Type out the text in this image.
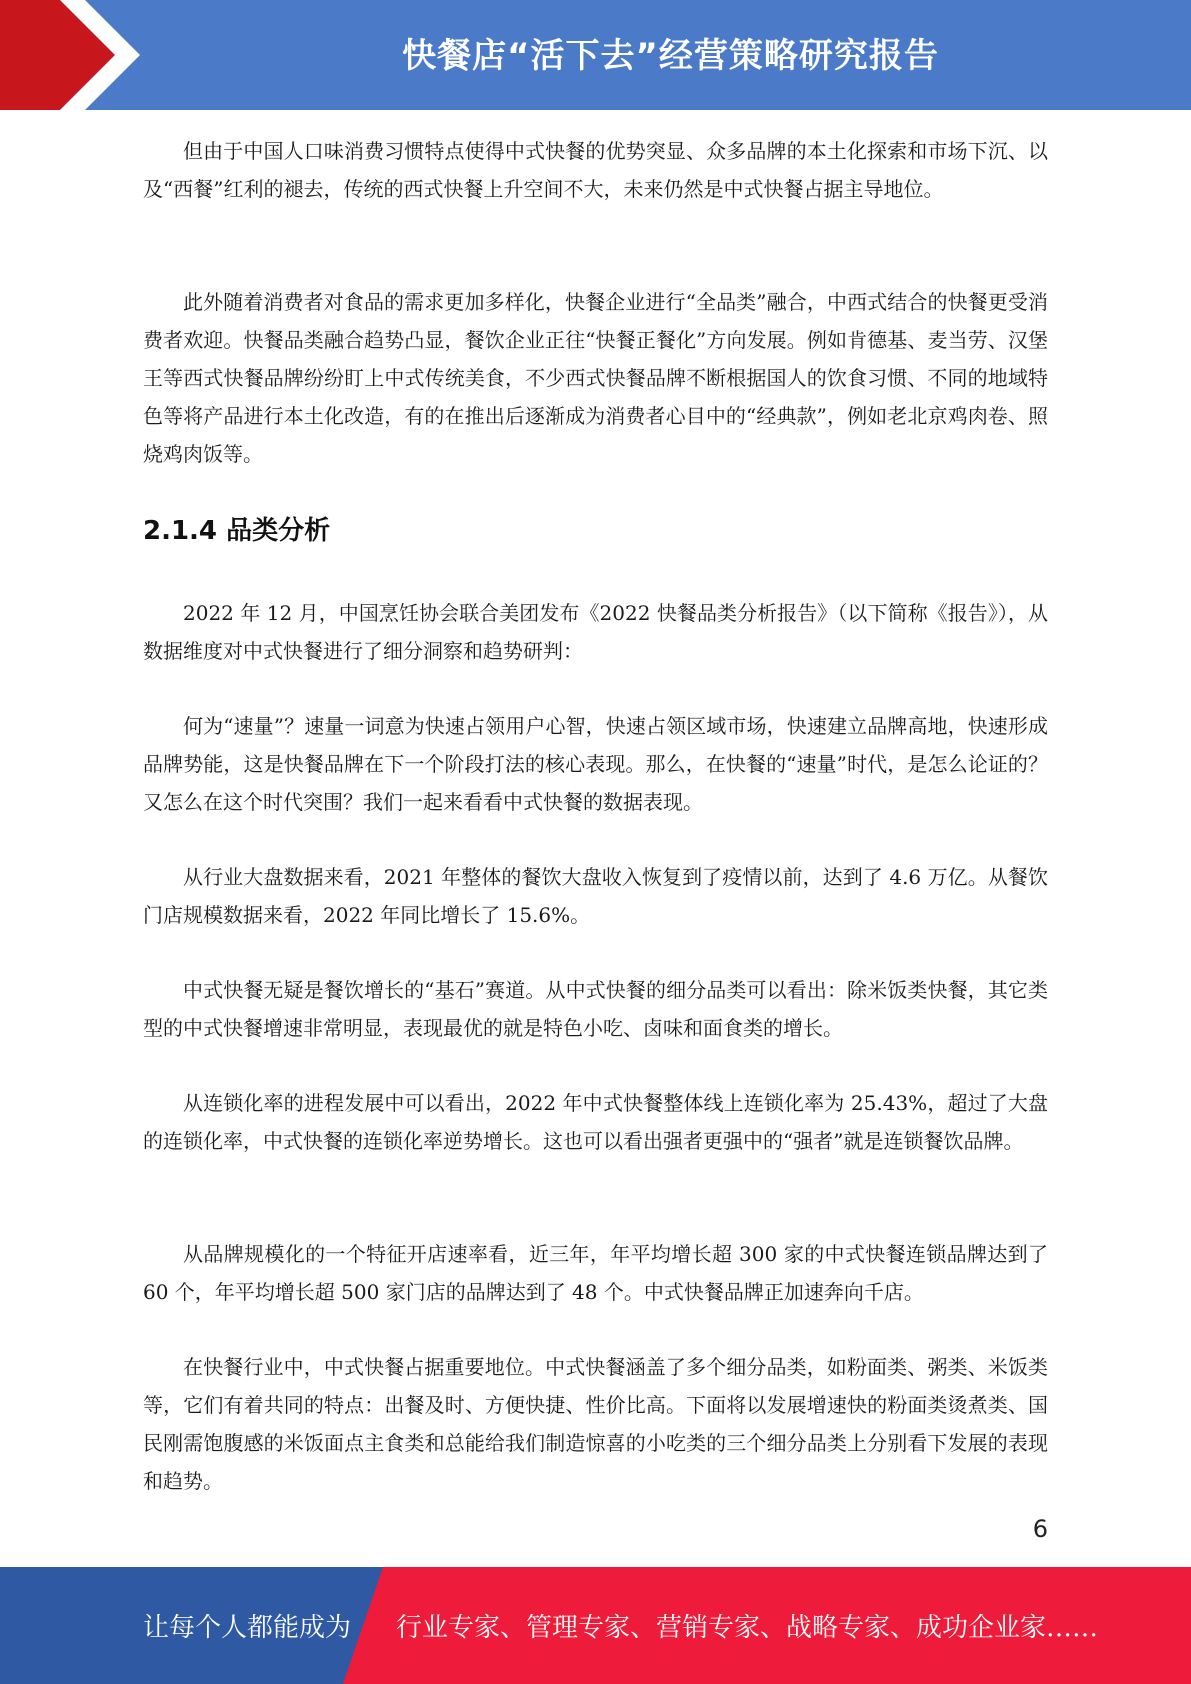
快餐店“活下去”经营策略研究报告

但由于中国人口味消费习惯特点使得中式快餐的优势突显、众多品牌的本土化探索和市场下沉、以及“西餐”红利的褪去，传统的西式快餐上升空间不大，未来仍然是中式快餐占据主导地位。

此外随着消费者对食品的需求更加多样化，快餐企业进行“全品类”融合，中西式结合的快餐更受消费者欢迎。快餐品类融合趋势凸显，餐饮企业正往“快餐正餐化”方向发展。例如肯德基、麦当劳、汉堡王等西式快餐品牌纷纷盯上中式传统美食，不少西式快餐品牌不断根据国人的饮食习惯、不同的地域特色等将产品进行本土化改造，有的在推出后逐渐成为消费者心目中的“经典款”，例如老北京鸡肉卷、照烧鸡肉饭等。

2.1.4 品类分析

2022 年 12 月，中国烹饪协会联合美团发布《2022 快餐品类分析报告》（以下简称《报告》），从数据维度对中式快餐进行了细分洞察和趋势研判：

何为“速量”？速量一词意为快速占领用户心智，快速占领区域市场，快速建立品牌高地，快速形成品牌势能，这是快餐品牌在下一个阶段打法的核心表现。那么，在快餐的“速量”时代，是怎么论证的？又怎么在这个时代突围？我们一起来看看中式快餐的数据表现。

从行业大盘数据来看，2021 年整体的餐饮大盘收入恢复到了疫情以前，达到了 4.6 万亿。从餐饮门店规模数据来看，2022 年同比增长了 15.6%。

中式快餐无疑是餐饮增长的“基石”赛道。从中式快餐的细分品类可以看出：除米饭类快餐，其它类型的中式快餐增速非常明显，表现最优的就是特色小吃、卤味和面食类的增长。

从连锁化率的进程发展中可以看出，2022 年中式快餐整体线上连锁化率为 25.43%，超过了大盘的连锁化率，中式快餐的连锁化率逆势增长。这也可以看出强者更强中的“强者”就是连锁餐饮品牌。

从品牌规模化的一个特征开店速率看，近三年，年平均增长超 300 家的中式快餐连锁品牌达到了 60 个，年平均增长超 500 家门店的品牌达到了 48 个。中式快餐品牌正加速奔向千店。

在快餐行业中，中式快餐占据重要地位。中式快餐涵盖了多个细分品类，如粉面类、粥类、米饭类等，它们有着共同的特点：出餐及时、方便快捷、性价比高。下面将以发展增速快的粉面类烫煮类、国民刚需饱腹感的米饭面点主食类和总能给我们制造惊喜的小吃类的三个细分品类上分别看下发展的表现和趋势。

6
让每个人都能成为 行业专家、管理专家、营销专家、战略专家、成功企业家……
